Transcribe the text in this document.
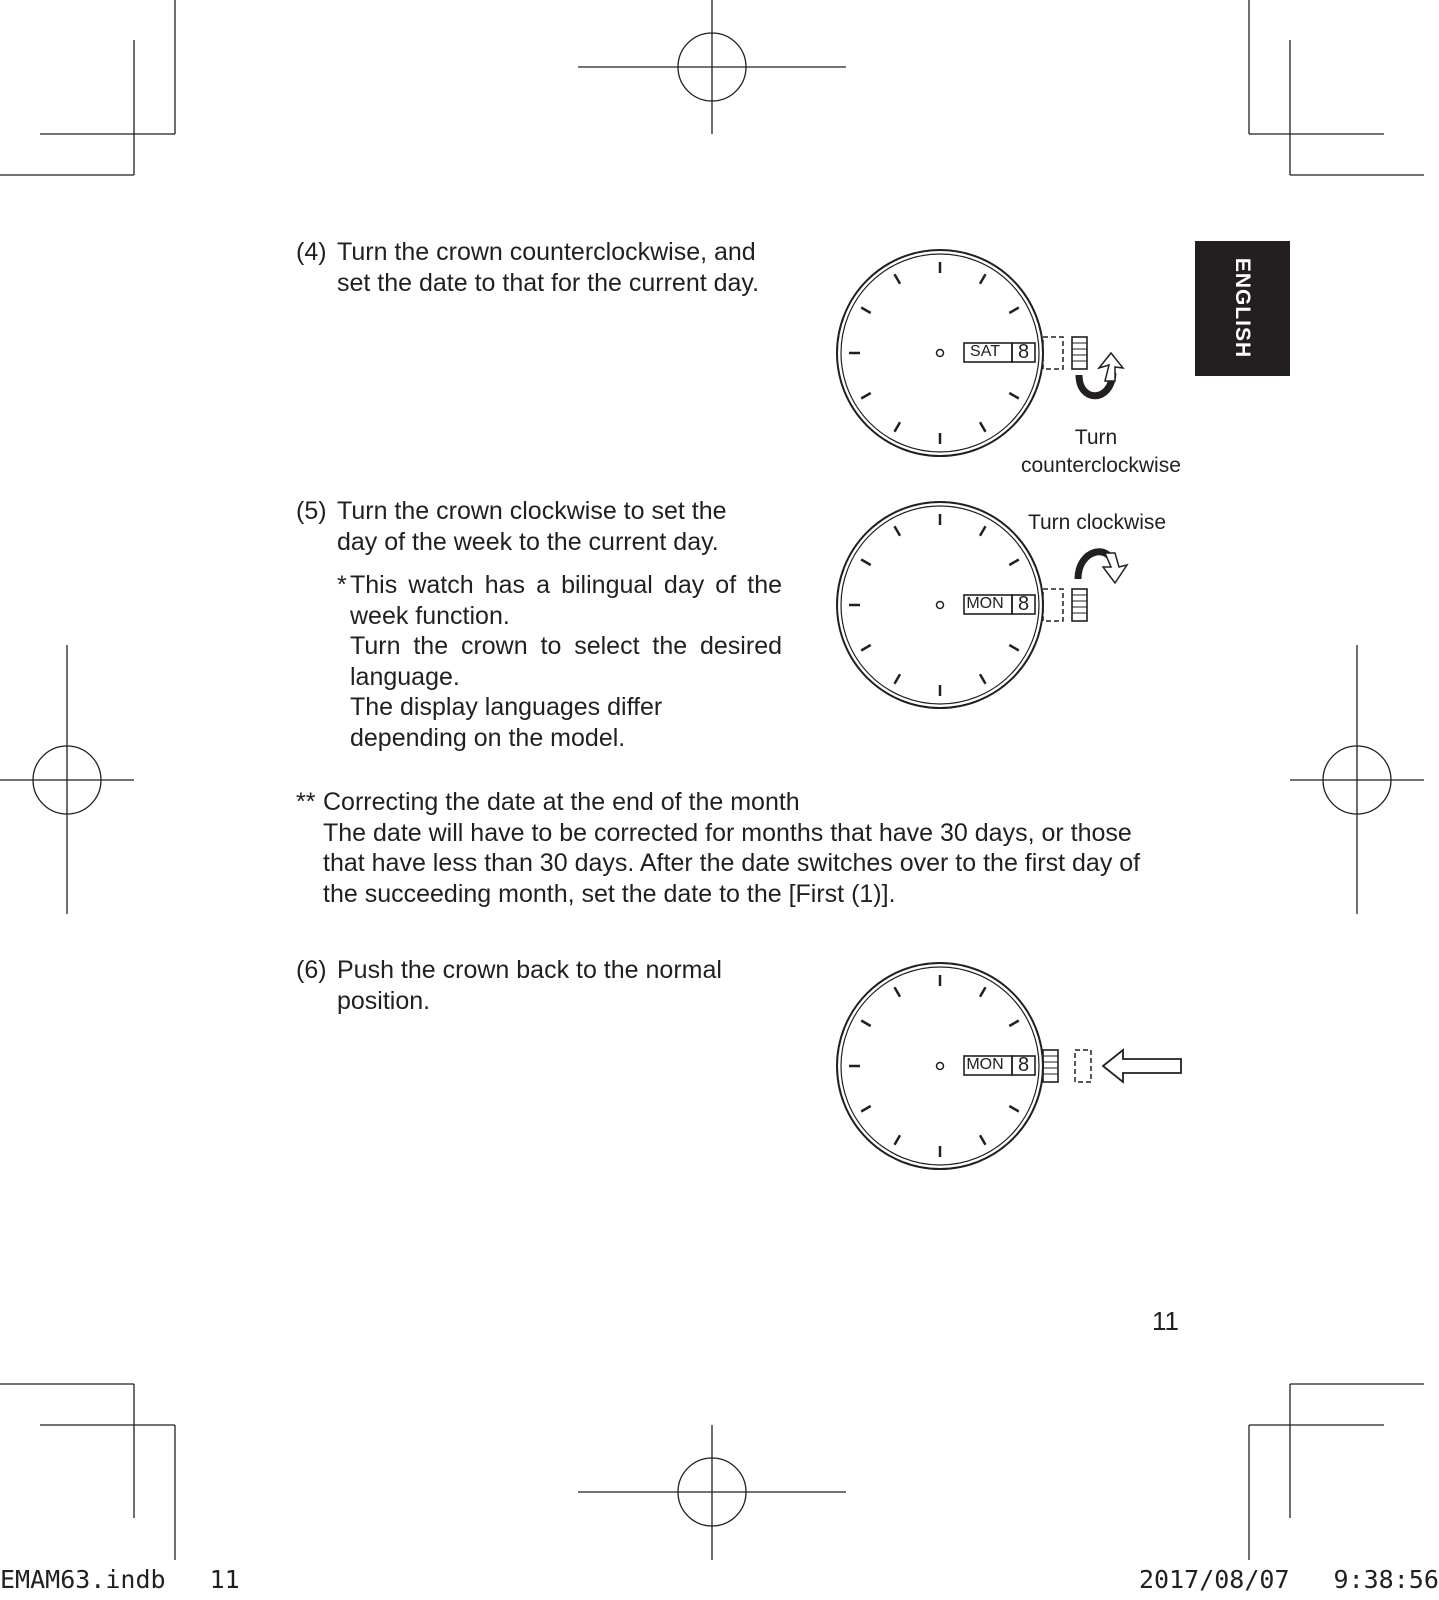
ENGLISH
(4) Turn the crown counterclockwise, and
set the date to that for the current day.
(5) Turn the crown clockwise to set the
day of the week to the current day.
* This watch has a bilingual day of the
week function.
Turn the crown to select the desired
language.
The display languages differ
depending on the model.
** Correcting the date at the end of the month
The date will have to be corrected for months that have 30 days, or those
that have less than 30 days. After the date switches over to the first day of
the succeeding month, set the date to the [First (1)].
(6) Push the crown back to the normal
position.
SAT 8
Turn
counterclockwise
MON 8
Turn clockwise
MON 8
11
EMAM63.indb 11	2017/08/07 9:38:56
